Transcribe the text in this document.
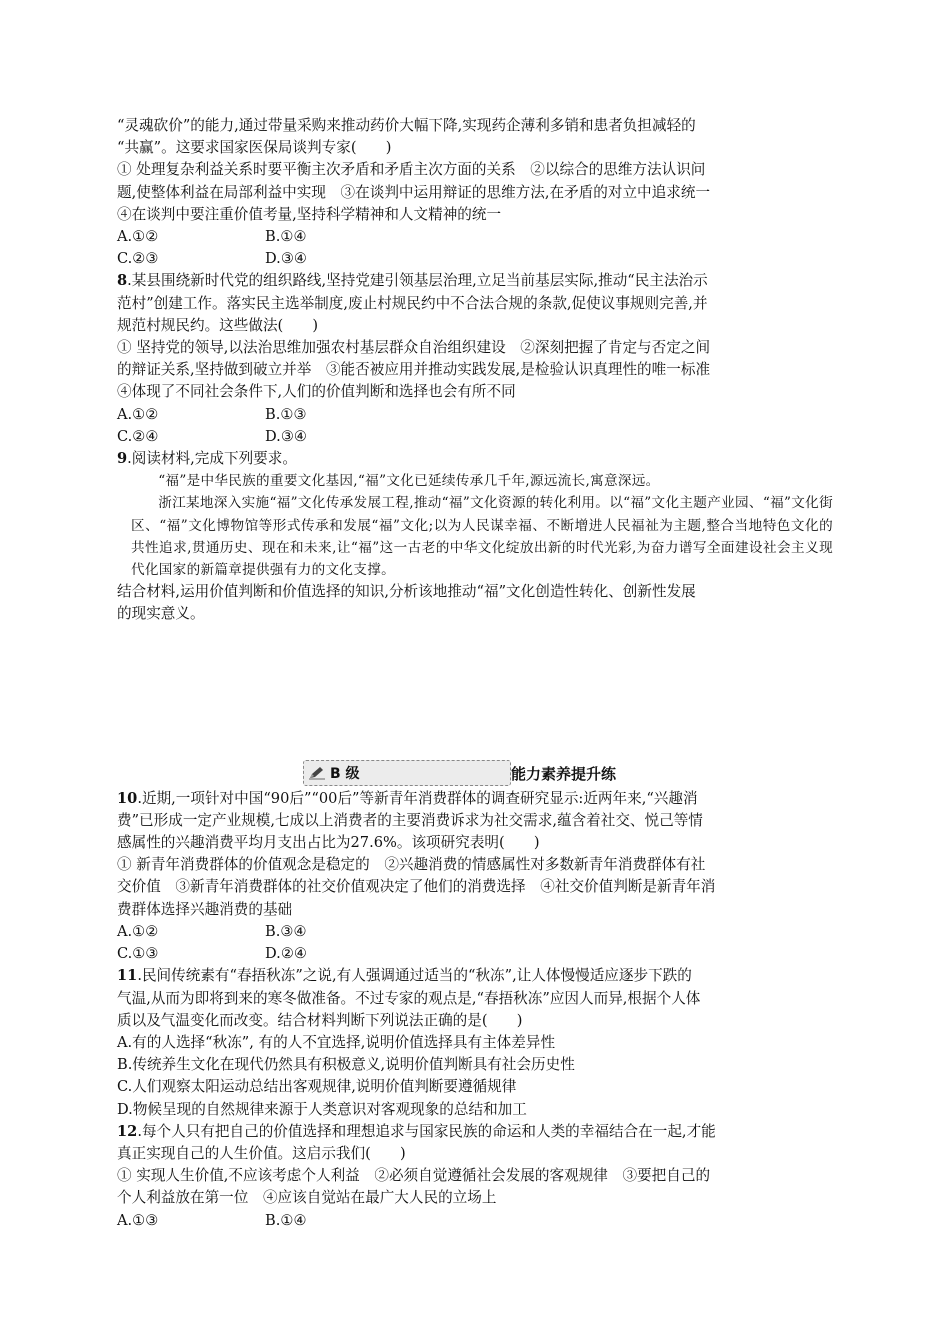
“灵魂砍价”的能力,通过带量采购来推动药价大幅下降,实现药企薄利多销和患者负担减轻的

“共赢”。这要求国家医保局谈判专家(　　)

① 处理复杂利益关系时要平衡主次矛盾和矛盾主次方面的关系　②以综合的思维方法认识问

题,使整体利益在局部利益中实现　③在谈判中运用辩证的思维方法,在矛盾的对立中追求统一

④在谈判中要注重价值考量,坚持科学精神和人文精神的统一

A.①②	B.①④
C.②③	D.③④

8.某县围绕新时代党的组织路线,坚持党建引领基层治理,立足当前基层实际,推动“民主法治示

范村”创建工作。落实民主选举制度,废止村规民约中不合法合规的条款,促使议事规则完善,并

规范村规民约。这些做法(　　)

① 坚持党的领导,以法治思维加强农村基层群众自治组织建设　②深刻把握了肯定与否定之间

的辩证关系,坚持做到破立并举　③能否被应用并推动实践发展,是检验认识真理性的唯一标准

④体现了不同社会条件下,人们的价值判断和选择也会有所不同

A.①②	B.①③
C.②④	D.③④

9.阅读材料,完成下列要求。

“福”是中华民族的重要文化基因,“福”文化已延续传承几千年,源远流长,寓意深远。

浙江某地深入实施“福”文化传承发展工程,推动“福”文化资源的转化利用。以“福”文化主题产业园、“福”文化街区、“福”文化博物馆等形式传承和发展“福”文化;以为人民谋幸福、不断增进人民福祉为主题,整合当地特色文化的共性追求,贯通历史、现在和未来,让“福”这一古老的中华文化绽放出新的时代光彩,为奋力谱写全面建设社会主义现代化国家的新篇章提供强有力的文化支撑。

结合材料,运用价值判断和价值选择的知识,分析该地推动“福”文化创造性转化、创新性发展

的现实意义。

B 级	能力素养提升练

10.近期,一项针对中国“90后”“00后”等新青年消费群体的调查研究显示:近两年来,“兴趣消

费”已形成一定产业规模,七成以上消费者的主要消费诉求为社交需求,蕴含着社交、悦己等情

感属性的兴趣消费平均月支出占比为27.6%。该项研究表明(　　)

① 新青年消费群体的价值观念是稳定的　②兴趣消费的情感属性对多数新青年消费群体有社

交价值　③新青年消费群体的社交价值观决定了他们的消费选择　④社交价值判断是新青年消

费群体选择兴趣消费的基础

A.①②	B.③④
C.①③	D.②④

11.民间传统素有“春捂秋冻”之说,有人强调通过适当的“秋冻”,让人体慢慢适应逐步下跌的

气温,从而为即将到来的寒冬做准备。不过专家的观点是,“春捂秋冻”应因人而异,根据个人体

质以及气温变化而改变。结合材料判断下列说法正确的是(　　)

A.有的人选择“秋冻”, 有的人不宜选择,说明价值选择具有主体差异性

B.传统养生文化在现代仍然具有积极意义,说明价值判断具有社会历史性

C.人们观察太阳运动总结出客观规律,说明价值判断要遵循规律

D.物候呈现的自然规律来源于人类意识对客观现象的总结和加工

12.每个人只有把自己的价值选择和理想追求与国家民族的命运和人类的幸福结合在一起,才能

真正实现自己的人生价值。这启示我们(　　)

① 实现人生价值,不应该考虑个人利益　②必须自觉遵循社会发展的客观规律　③要把自己的

个人利益放在第一位　④应该自觉站在最广大人民的立场上

A.①③	B.①④
